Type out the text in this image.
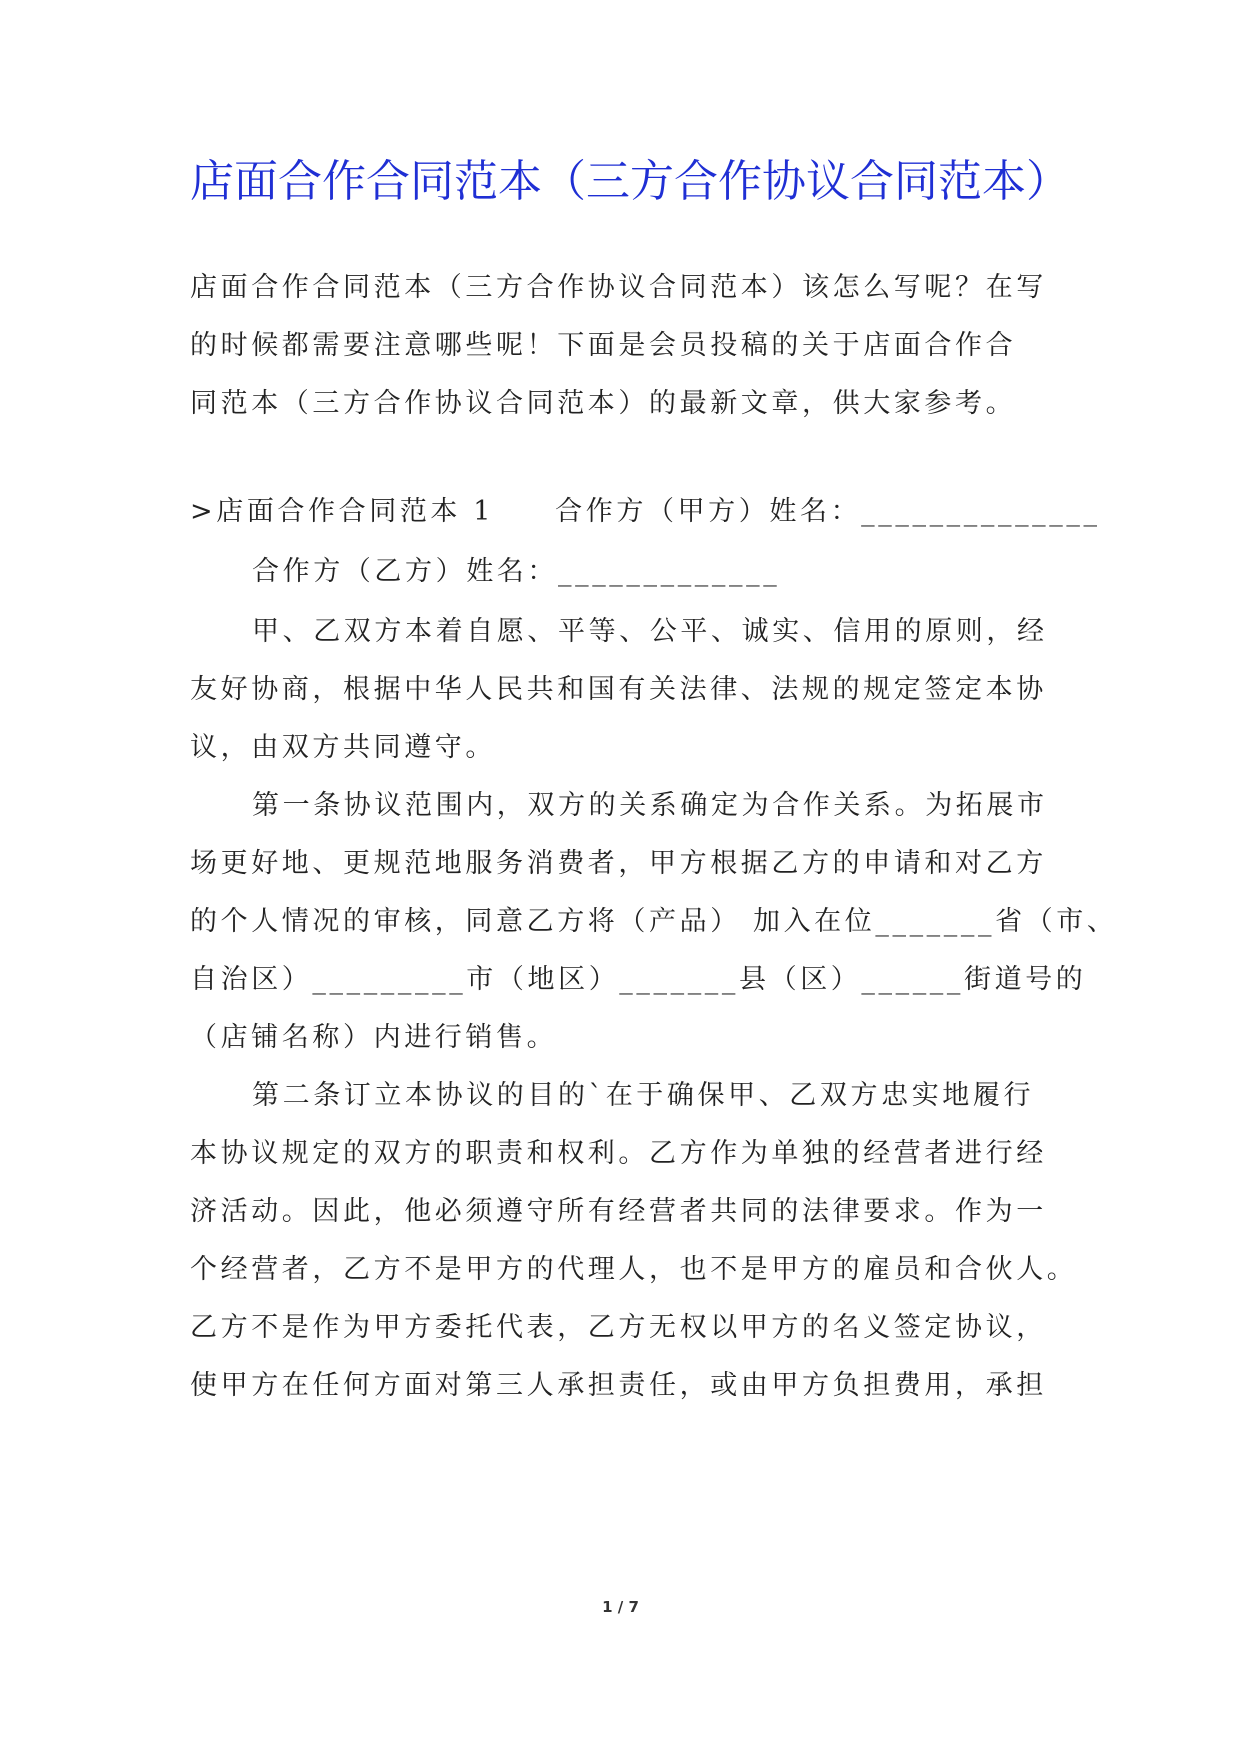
店面合作合同范本（三方合作协议合同范本）
店面合作合同范本（三方合作协议合同范本）该怎么写呢？在写
的时候都需要注意哪些呢！下面是会员投稿的关于店面合作合
同范本（三方合作协议合同范本）的最新文章，供大家参考。
>店面合作合同范本 1　　合作方（甲方）姓名：______________
合作方（乙方）姓名：_____________
甲、乙双方本着自愿、平等、公平、诚实、信用的原则，经
友好协商，根据中华人民共和国有关法律、法规的规定签定本协
议，由双方共同遵守。
第一条协议范围内，双方的关系确定为合作关系。为拓展市
场更好地、更规范地服务消费者，甲方根据乙方的申请和对乙方
的个人情况的审核，同意乙方将（产品） 加入在位_______省（市、
自治区）_________市（地区）_______县（区）______街道号的
（店铺名称）内进行销售。
第二条订立本协议的目的`在于确保甲、乙双方忠实地履行
本协议规定的双方的职责和权利。乙方作为单独的经营者进行经
济活动。因此，他必须遵守所有经营者共同的法律要求。作为一
个经营者，乙方不是甲方的代理人，也不是甲方的雇员和合伙人。
乙方不是作为甲方委托代表，乙方无权以甲方的名义签定协议，
使甲方在任何方面对第三人承担责任，或由甲方负担费用，承担
1 / 7
